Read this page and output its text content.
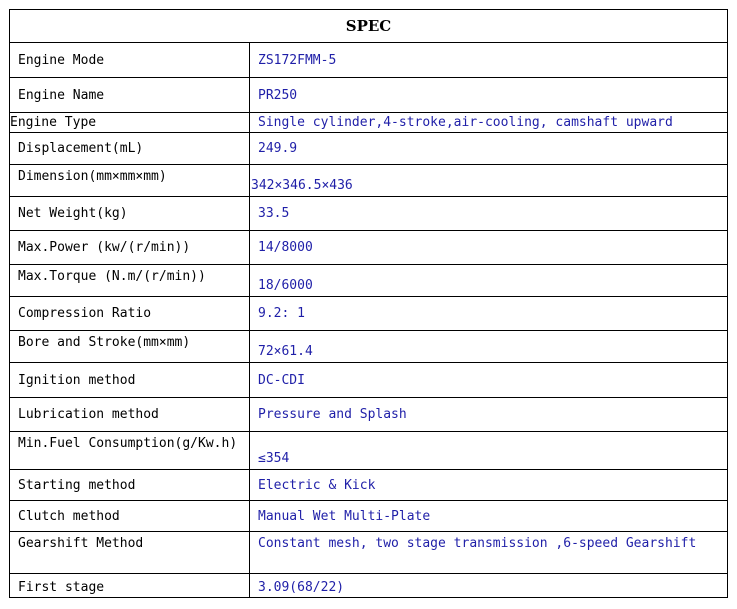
SPEC	
Engine Mode	ZS172FMM-5
Engine Name	PR250
Engine Type	Single cylinder,4-stroke,air-cooling, camshaft upward
Displacement(mL)	249.9
Dimension(mm×mm×mm)	342×346.5×436
Net Weight(kg)	33.5
Max.Power (kw/(r/min))	14/8000
Max.Torque (N.m/(r/min))	18/6000
Compression Ratio	9.2: 1
Bore and Stroke(mm×mm)	72×61.4
Ignition method	DC-CDI
Lubrication method	Pressure and Splash
Min.Fuel Consumption(g/Kw.h)	≤354
Starting method	Electric & Kick
Clutch method	Manual Wet Multi-Plate
Gearshift Method	Constant mesh, two stage transmission ,6-speed Gearshift
First stage	3.09(68/22)
